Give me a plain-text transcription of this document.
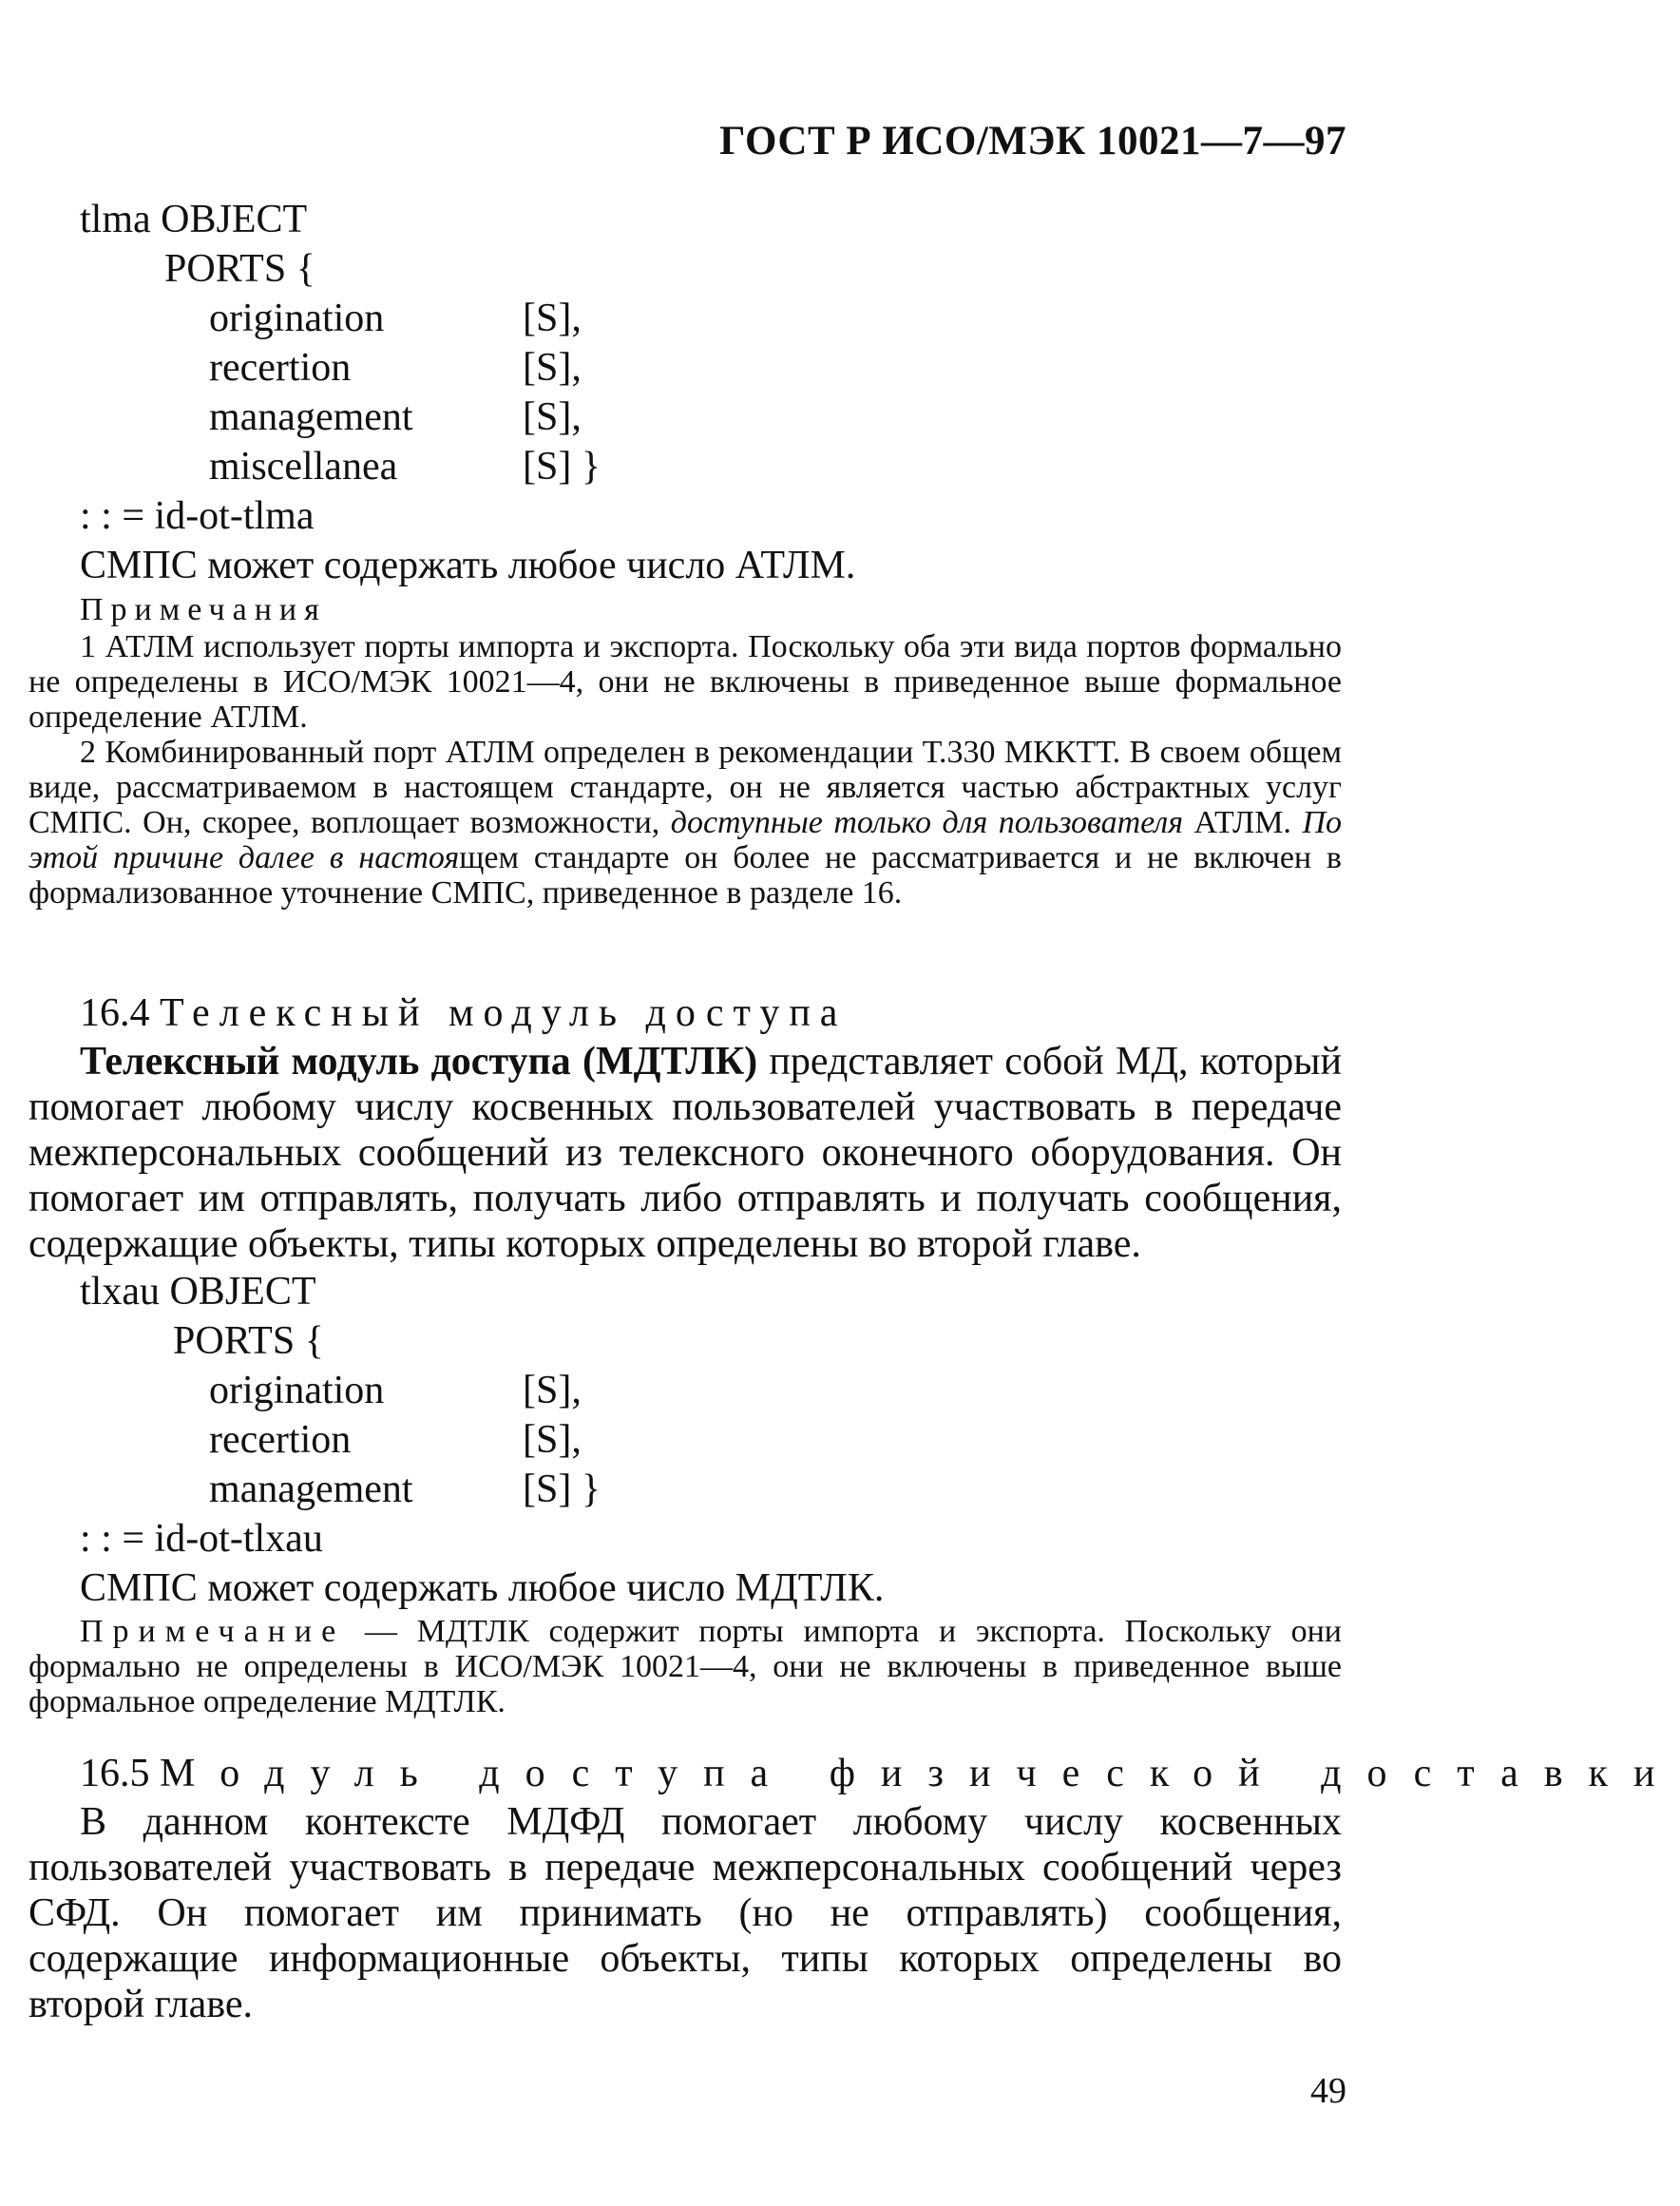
ГОСТ Р ИСО/МЭК 10021—7—97
tlma OBJECT
PORTS {
origination	[S],
recertion	[S],
management	[S],
miscellanea	[S] }
: : = id-ot-tlma
СМПС может содержать любое число АТЛМ.
Примечания

1 АТЛМ использует порты импорта и экспорта. Поскольку оба эти вида портов формально не определены в ИСО/МЭК 10021—4, они не включены в приведенное выше формальное определение АТЛМ.

2 Комбинированный порт АТЛМ определен в рекомендации Т.330 МККТТ. В своем общем виде, рассматриваемом в настоящем стандарте, он не является частью абстрактных услуг СМПС. Он, скорее, воплощает возможности, доступные только для пользователя АТЛМ. По этой причине далее в настоящем стандарте он более не рассматривается и не включен в формализованное уточнение СМПС, приведенное в разделе 16.

16.4 Телексный модуль доступа

Телексный модуль доступа (МДТЛК) представляет собой МД, который помогает любому числу косвенных пользователей участвовать в передаче межперсональных сообщений из телексного оконечного оборудования. Он помогает им отправлять, получать либо отправлять и получать сообщения, содержащие объекты, типы которых определены во второй главе.

tlxau OBJECT
PORTS {
origination	[S],
recertion	[S],
management	[S] }
: : = id-ot-tlxau
СМПС может содержать любое число МДТЛК.

Примечание — МДТЛК содержит порты импорта и экспорта. Поскольку они формально не определены в ИСО/МЭК 10021—4, они не включены в приведенное выше формальное определение МДТЛК.

16.5 Модуль доступа физической доставки

В данном контексте МДФД помогает любому числу косвенных пользователей участвовать в передаче межперсональных сообщений через СФД. Он помогает им принимать (но не отправлять) сообщения, содержащие информационные объекты, типы которых определены во второй главе.

49
